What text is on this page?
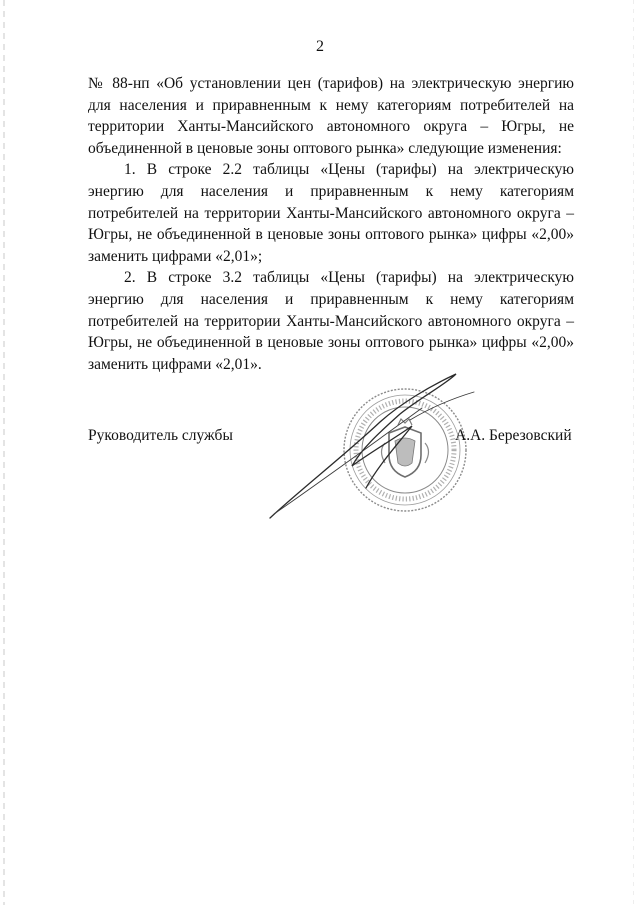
2

№ 88-нп «Об установлении цен (тарифов) на электрическую энергию для населения и приравненным к нему категориям потребителей на территории Ханты-Мансийского автономного округа – Югры, не объединенной в ценовые зоны оптового рынка» следующие изменения:

1. В строке 2.2 таблицы «Цены (тарифы) на электрическую энергию для населения и приравненным к нему категориям потребителей на территории Ханты-Мансийского автономного округа – Югры, не объединенной в ценовые зоны оптового рынка» цифры «2,00» заменить цифрами «2,01»;

2. В строке 3.2 таблицы «Цены (тарифы) на электрическую энергию для населения и приравненным к нему категориям потребителей на территории Ханты-Мансийского автономного округа – Югры, не объединенной в ценовые зоны оптового рынка» цифры «2,00» заменить цифрами «2,01».

Руководитель службы	А.А. Березовский
